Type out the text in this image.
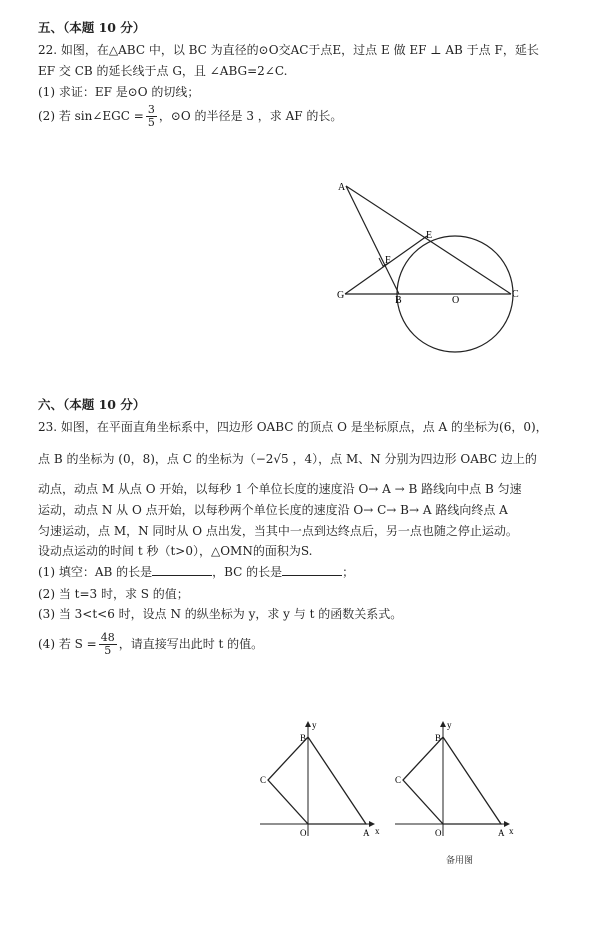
五、（本题 10 分）
22. 如图，在△ABC 中，以 BC 为直径的⊙O交AC于点E，过点 E 做 EF ⊥ AB 于点 F，延长
EF 交 CB 的延长线于点 G，且 ∠ABG=2∠C.
(1) 求证：EF 是⊙O 的切线；
(2) 若 sin∠EGC = $\frac{3}{5}$ ，⊙O 的半径是 3 ，求 AF 的长。
A
E
F
G	B	O
C
六、（本题 10 分）
23. 如图，在平面直角坐标系中，四边形 OABC 的顶点 O 是坐标原点，点 A 的坐标为(6，0)，
点 B 的坐标为 (0，8)，点 C 的坐标为（−2√5 ，4），点 M、N 分别为四边形 OABC 边上的
动点，动点 M 从点 O 开始，以每秒 1 个单位长度的速度沿 O→ A → B 路线向中点 B 匀速
运动，动点 N 从 O 点开始，以每秒两个单位长度的速度沿 O→ C→ B→ A 路线向终点 A
匀速运动，点 M，N 同时从 O 点出发，当其中一点到达终点后，另一点也随之停止运动。
设动点运动的时间 t 秒（t>0），△OMN的面积为S.
(1) 填空：AB 的长是	，BC 的长是	；
(2) 当 t=3 时，求 S 的值；
(3) 当 3<t<6 时，设点 N 的纵坐标为 y，求 y 与 t 的函数关系式。
(4) 若 $S = \frac{48}{5}$ ，请直接写出此时 t 的值。
y
x
B
C
O	A
y
x
B
C
O	A
备用图
